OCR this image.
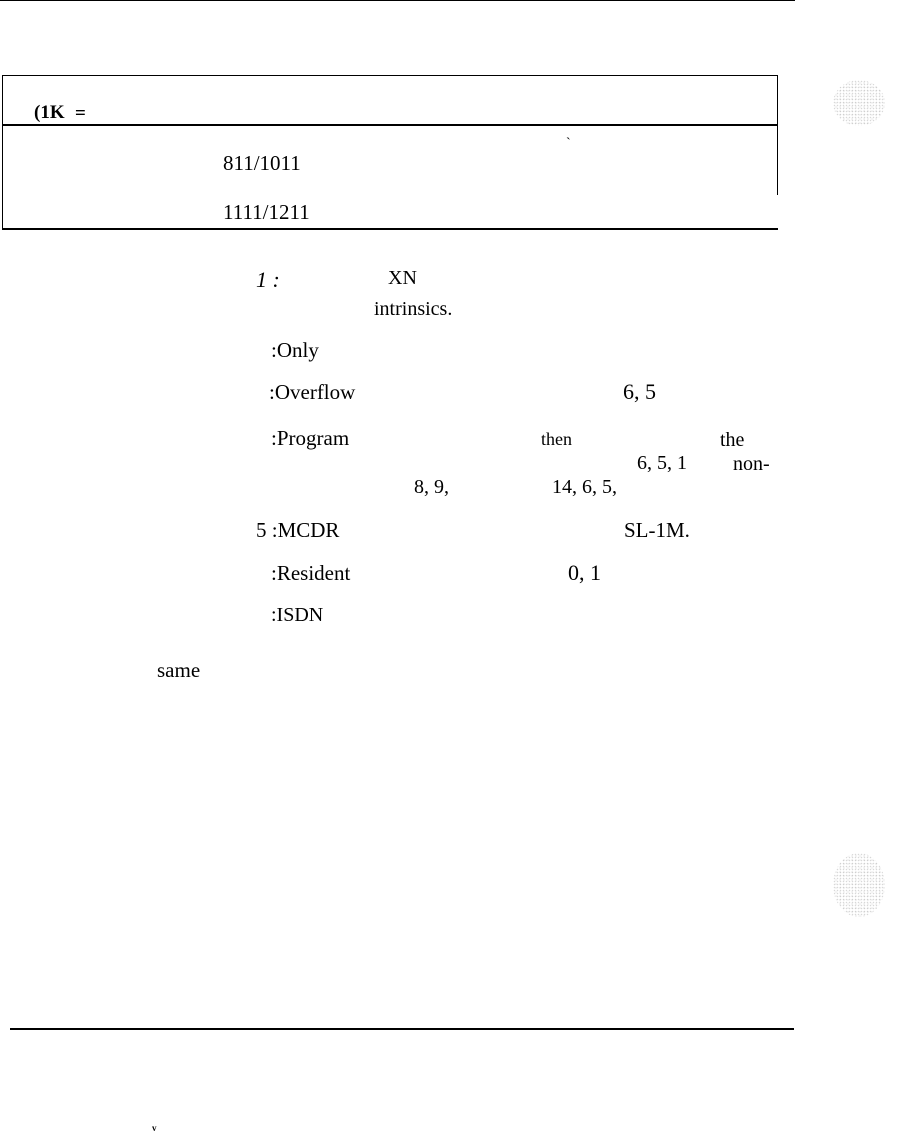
(1K =
`
811/1011
1111/1211
1 :	XN
intrinsics.
:Only
:Overflow	6, 5
:Program	then	the
6, 5, 1 non-
8, 9,	14, 6, 5,
5 :MCDR	SL-1M.
:Resident	0, 1
:ISDN
same
v
